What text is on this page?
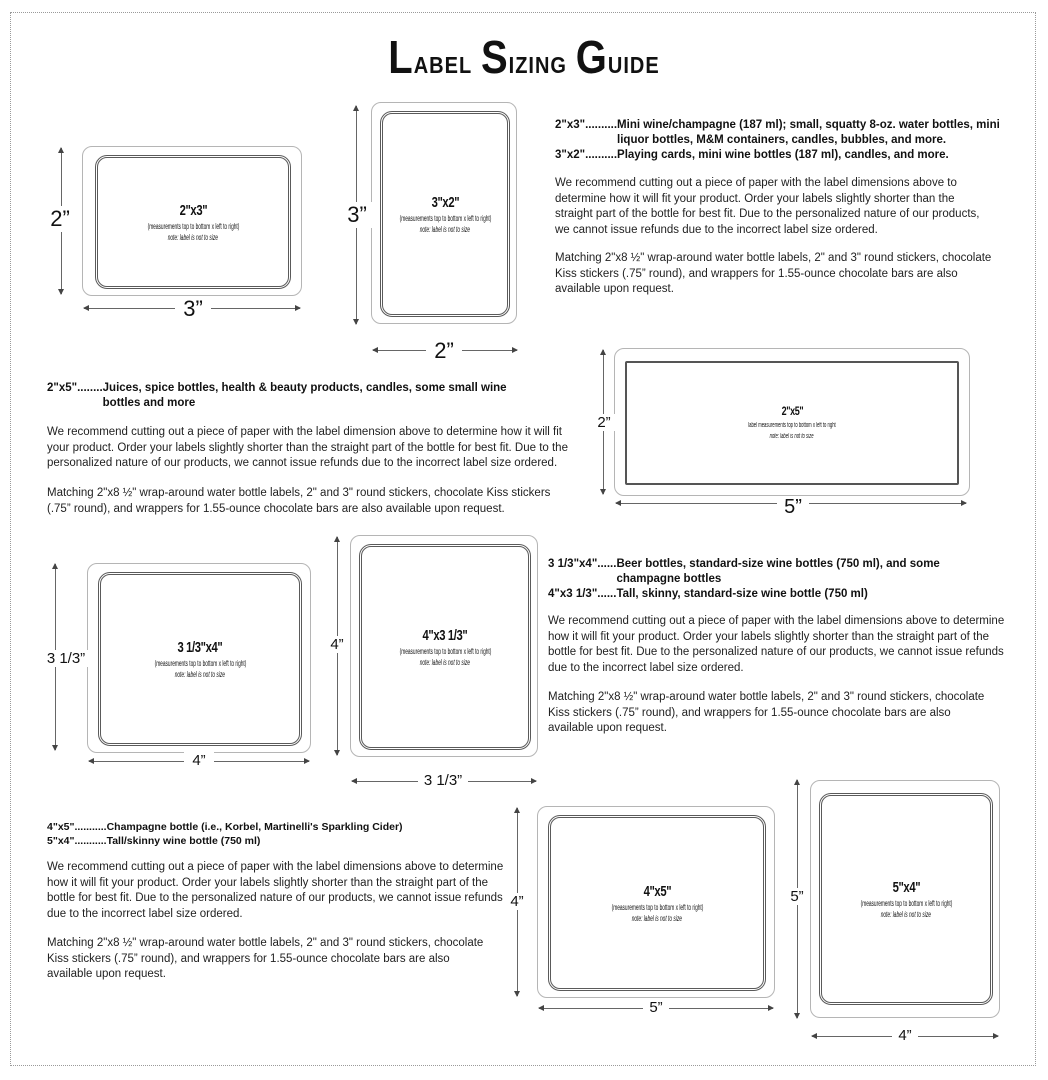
Label Sizing Guide
2"x3"
(measurements top to bottom x left to right)
note: label is not to size
2”
3”
3"x2"
(measurements top to bottom x left to right)
note: label is not to size
3”
2”
2"x3".......... Mini wine/champagne (187 ml); small, squatty 8-oz. water bottles, mini liquor bottles, M&M containers, candles, bubbles, and more.
3"x2".......... Playing cards, mini wine bottles (187 ml), candles, and more.
We recommend cutting out a piece of paper with the label dimensions above to determine how it will fit your product. Order your labels slightly shorter than the straight part of the bottle for best fit. Due to the personalized nature of our products, we cannot issue refunds due to the incorrect label size ordered.
Matching 2"x8 ½" wrap-around water bottle labels, 2" and 3" round stickers, chocolate Kiss stickers (.75” round), and wrappers for 1.55-ounce chocolate bars are also available upon request.
2"x5"........ Juices, spice bottles, health & beauty products, candles, some small wine bottles and more
We recommend cutting out a piece of paper with the label dimension above to determine how it will fit your product. Order your labels slightly shorter than the straight part of the bottle for best fit. Due to the personalized nature of our products, we cannot issue refunds due to the incorrect label size ordered.
Matching 2"x8 ½" wrap-around water bottle labels, 2" and 3" round stickers, chocolate Kiss stickers (.75” round), and wrappers for 1.55-ounce chocolate bars are also available upon request.
2"x5"
label measurements top to bottom x left to right
note: label is not to size
2”
5”
3 1/3"x4"
(measurements top to bottom x left to right)
note: label is not to size
3 1/3”
4”
4"x3 1/3"
(measurements top to bottom x left to right)
note: label is not to size
4”
3 1/3”
3 1/3"x4"...... Beer bottles, standard-size wine bottles (750 ml), and some champagne bottles
4"x3 1/3"...... Tall, skinny, standard-size wine bottle (750 ml)
We recommend cutting out a piece of paper with the label dimensions above to determine how it will fit your product. Order your labels slightly shorter than the straight part of the bottle for best fit. Due to the personalized nature of our products, we cannot issue refunds due to the incorrect label size ordered.
Matching 2"x8 ½" wrap-around water bottle labels, 2" and 3" round stickers, chocolate Kiss stickers (.75” round), and wrappers for 1.55-ounce chocolate bars are also available upon request.
4"x5"........... Champagne bottle (i.e., Korbel, Martinelli's Sparkling Cider)
5"x4"........... Tall/skinny wine bottle (750 ml)
We recommend cutting out a piece of paper with the label dimensions above to determine how it will fit your product. Order your labels slightly shorter than the straight part of the bottle for best fit. Due to the personalized nature of our products, we cannot issue refunds due to the incorrect label size ordered.
Matching 2"x8 ½" wrap-around water bottle labels, 2" and 3" round stickers, chocolate Kiss stickers (.75” round), and wrappers for 1.55-ounce chocolate bars are also available upon request.
4"x5"
(measurements top to bottom x left to right)
note: label is not to size
4”
5”
5"x4"
(measurements top to bottom x left to right)
note: label is not to size
5”
4”
